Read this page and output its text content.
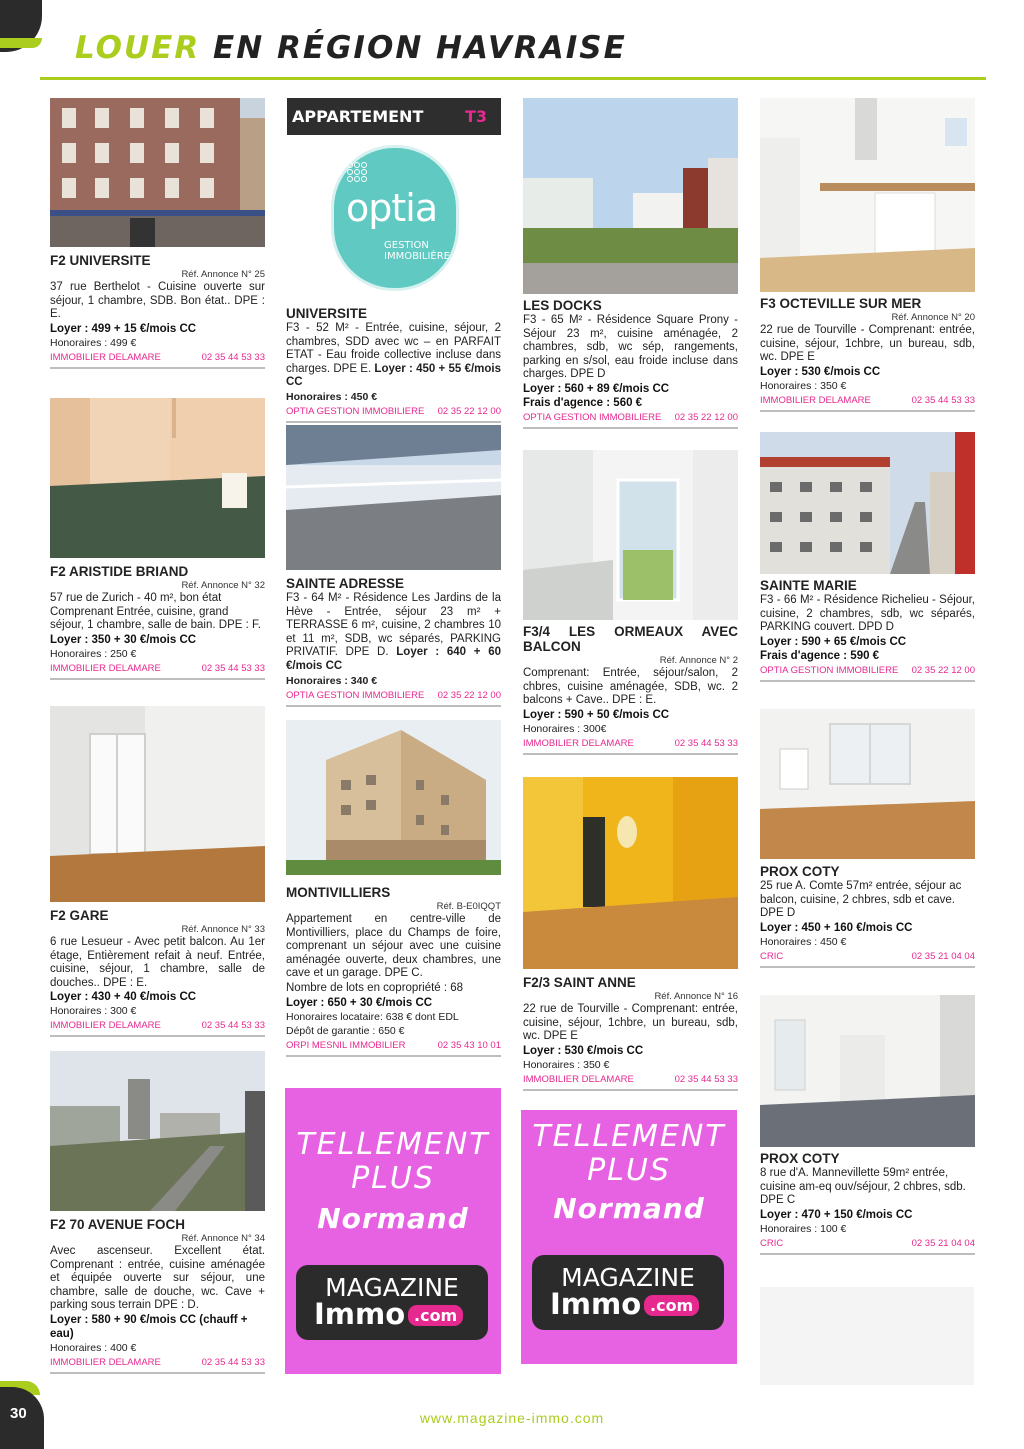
LOUER EN RÉGION HAVRAISE
F2 UNIVERSITE
Réf. Annonce N° 25
37 rue Berthelot - Cuisine ouverte sur séjour, 1 chambre, SDB. Bon état.. DPE : E.
Loyer : 499 + 15 €/mois CC
Honoraires : 499 €
IMMOBILIER DELAMARE	02 35 44 53 33
F2 ARISTIDE BRIAND
Réf. Annonce N° 32
57 rue de Zurich - 40 m², bon état Comprenant Entrée, cuisine, grand séjour, 1 chambre, salle de bain. DPE : F.
Loyer : 350 + 30 €/mois CC
Honoraires : 250 €
IMMOBILIER DELAMARE	02 35 44 53 33
F2 GARE
Réf. Annonce N° 33
6 rue Lesueur - Avec petit balcon. Au 1er étage, Entièrement refait à neuf. Entrée, cuisine, séjour, 1 chambre, salle de douches.. DPE : E.
Loyer : 430 + 40 €/mois CC
Honoraires : 300 €
IMMOBILIER DELAMARE	02 35 44 53 33
F2 70 AVENUE FOCH
Réf. Annonce N° 34
Avec ascenseur. Excellent état. Comprenant : entrée, cuisine aménagée et équipée ouverte sur séjour, une chambre, salle de douche, wc. Cave + parking sous terrain DPE : D.
Loyer : 580 + 90 €/mois CC (chauff + eau)
Honoraires : 400 €
IMMOBILIER DELAMARE	02 35 44 53 33
APPARTEMENT	T3
optia
GESTION
IMMOBILIÈRE
UNIVERSITE
F3 - 52 M² - Entrée, cuisine, séjour, 2 chambres, SDD avec wc – en PARFAIT ETAT - Eau froide collective incluse dans charges. DPE E. Loyer : 450 + 55 €/mois CC
Honoraires : 450 €
OPTIA GESTION IMMOBILIERE 02 35 22 12 00
SAINTE ADRESSE
F3 - 64 M² - Résidence Les Jardins de la Hève - Entrée, séjour 23 m² + TERRASSE 6 m², cuisine, 2 chambres 10 et 11 m², SDB, wc séparés, PARKING PRIVATIF. DPE D. Loyer : 640 + 60 €/mois CC
Honoraires : 340 €
OPTIA GESTION IMMOBILIERE 02 35 22 12 00
MONTIVILLIERS
Réf. B-E0IQQT
Appartement en centre-ville de Montivilliers, place du Champs de foire, comprenant un séjour avec une cuisine aménagée ouverte, deux chambres, une cave et un garage. DPE C.
Nombre de lots en copropriété : 68
Loyer : 650 + 30 €/mois CC
Honoraires locataire: 638 € dont EDL
Dépôt de garantie : 650 €
ORPI MESNIL IMMOBILIER	02 35 43 10 01
TELLEMENT
PLUS
Normand
MAGAZINE
Immo .com
LES DOCKS
F3 - 65 M² - Résidence Square Prony - Séjour 23 m², cuisine aménagée, 2 chambres, sdb, wc sép, rangements, parking en s/sol, eau froide incluse dans charges. DPE D
Loyer : 560 + 89 €/mois CC
Frais d'agence : 560 €
OPTIA GESTION IMMOBILIERE 02 35 22 12 00
F3/4 LES ORMEAUX AVEC BALCON
Réf. Annonce N° 2
Comprenant: Entrée, séjour/salon, 2 chbres, cuisine aménagée, SDB, wc. 2 balcons + Cave.. DPE : E.
Loyer : 590 + 50 €/mois CC
Honoraires : 300€
IMMOBILIER DELAMARE	02 35 44 53 33
F2/3 SAINT ANNE
Réf. Annonce N° 16
22 rue de Tourville - Comprenant: entrée, cuisine, séjour, 1chbre, un bureau, sdb, wc. DPE E
Loyer : 530 €/mois CC
Honoraires : 350 €
IMMOBILIER DELAMARE	02 35 44 53 33
TELLEMENT
PLUS
Normand
MAGAZINE
Immo .com
F3 OCTEVILLE SUR MER
Réf. Annonce N° 20
22 rue de Tourville - Comprenant: entrée, cuisine, séjour, 1chbre, un bureau, sdb, wc. DPE E
Loyer : 530 €/mois CC
Honoraires : 350 €
IMMOBILIER DELAMARE	02 35 44 53 33
SAINTE MARIE
F3 - 66 M² - Résidence Richelieu - Séjour, cuisine, 2 chambres, sdb, wc séparés, PARKING couvert. DPD D
Loyer : 590 + 65 €/mois CC
Frais d'agence : 590 €
OPTIA GESTION IMMOBILIERE 02 35 22 12 00
PROX COTY
25 rue A. Comte 57m² entrée, séjour ac balcon, cuisine, 2 chbres, sdb et cave. DPE D
Loyer : 450 + 160 €/mois CC
Honoraires : 450 €
CRIC	02 35 21 04 04
PROX COTY
8 rue d'A. Mannevillette 59m² entrée, cuisine am-eq ouv/séjour, 2 chbres, sdb. DPE C
Loyer : 470 + 150 €/mois CC
Honoraires : 100 €
CRIC	02 35 21 04 04
30	www.magazine-immo.com
